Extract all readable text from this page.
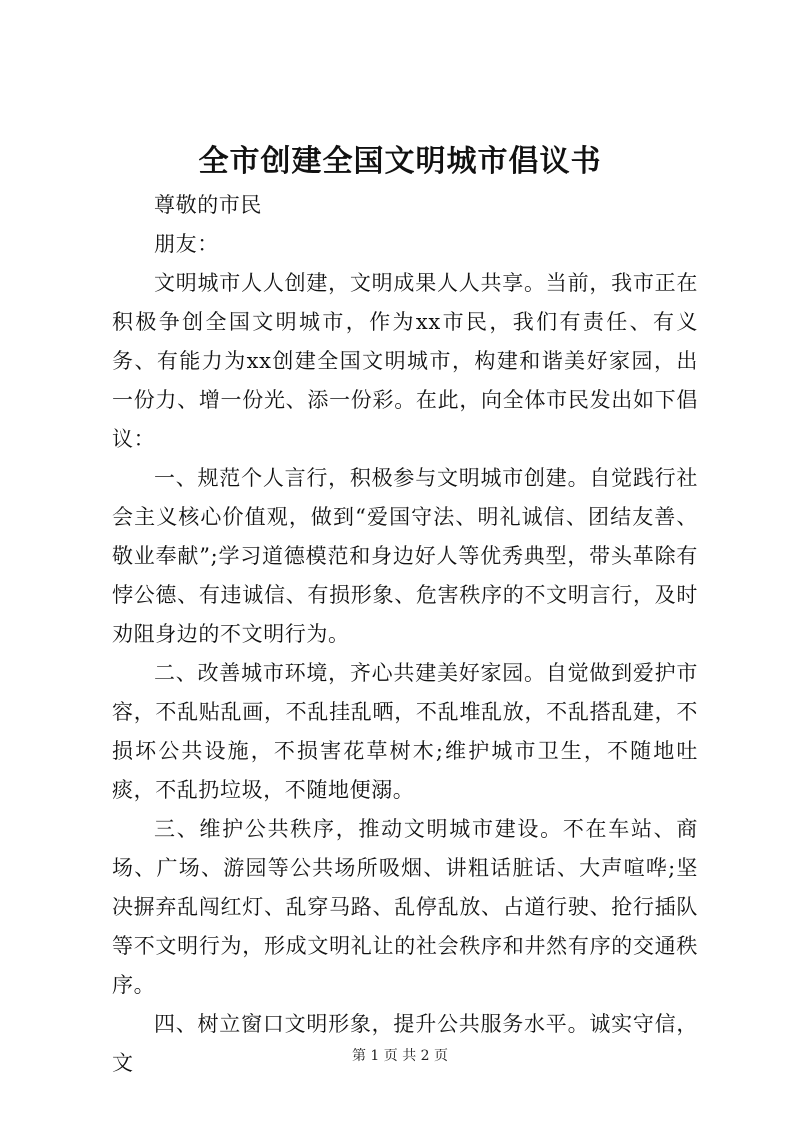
全市创建全国文明城市倡议书

尊敬的市民

朋友：

文明城市人人创建，文明成果人人共享。当前，我市正在积极争创全国文明城市，作为xx市民，我们有责任、有义务、有能力为xx创建全国文明城市，构建和谐美好家园，出一份力、增一份光、添一份彩。在此，向全体市民发出如下倡议：

一、规范个人言行，积极参与文明城市创建。自觉践行社会主义核心价值观，做到“爱国守法、明礼诚信、团结友善、敬业奉献”;学习道德模范和身边好人等优秀典型，带头革除有悖公德、有违诚信、有损形象、危害秩序的不文明言行，及时劝阻身边的不文明行为。

二、改善城市环境，齐心共建美好家园。自觉做到爱护市容，不乱贴乱画，不乱挂乱晒，不乱堆乱放，不乱搭乱建，不损坏公共设施，不损害花草树木;维护城市卫生，不随地吐痰，不乱扔垃圾，不随地便溺。

三、维护公共秩序，推动文明城市建设。不在车站、商场、广场、游园等公共场所吸烟、讲粗话脏话、大声喧哗;坚决摒弃乱闯红灯、乱穿马路、乱停乱放、占道行驶、抢行插队等不文明行为，形成文明礼让的社会秩序和井然有序的交通秩序。

四、树立窗口文明形象，提升公共服务水平。诚实守信，文	第 1 页 共 2 页
